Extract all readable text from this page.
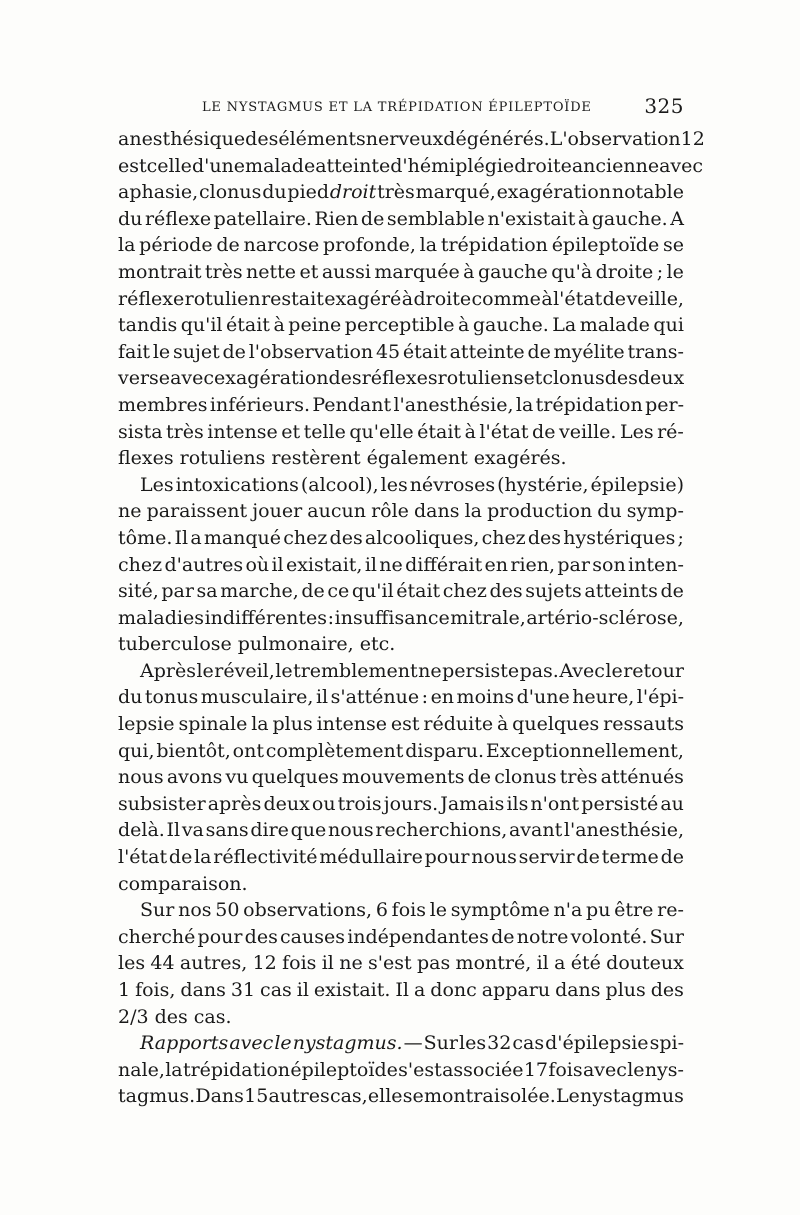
LE NYSTAGMUS ET LA TRÉPIDATION ÉPILEPTOÏDE	325
anesthésique des éléments nerveux dégénérés. L'observation 12
est celle d'une malade atteinte d'hémiplégie droite ancienne avec
aphasie, clonus du pied droit très marqué, exagération notable
du réflexe patellaire. Rien de semblable n'existait à gauche. A
la période de narcose profonde, la trépidation épileptoïde se
montrait très nette et aussi marquée à gauche qu'à droite ; le
réflexe rotulien restait exagéré à droite comme à l'état de veille,
tandis qu'il était à peine perceptible à gauche. La malade qui
fait le sujet de l'observation 45 était atteinte de myélite trans-
verse avec exagération des réflexes rotuliens et clonus des deux
membres inférieurs. Pendant l'anesthésie, la trépidation per-
sista très intense et telle qu'elle était à l'état de veille. Les ré-
flexes rotuliens restèrent également exagérés.
Les intoxications (alcool), les névroses (hystérie, épilepsie)
ne paraissent jouer aucun rôle dans la production du symp-
tôme. Il a manqué chez des alcooliques, chez des hystériques ;
chez d'autres où il existait, il ne différait en rien, par son inten-
sité, par sa marche, de ce qu'il était chez des sujets atteints de
maladies indifférentes : insuffisance mitrale, artério-sclérose,
tuberculose pulmonaire, etc.
Après le réveil, le tremblement ne persiste pas. Avec le retour
du tonus musculaire, il s'atténue : en moins d'une heure, l'épi-
lepsie spinale la plus intense est réduite à quelques ressauts
qui, bientôt, ont complètement disparu. Exceptionnellement,
nous avons vu quelques mouvements de clonus très atténués
subsister après deux ou trois jours. Jamais ils n'ont persisté au
delà. Il va sans dire que nous recherchions, avant l'anesthésie,
l'état de la réflectivité médullaire pour nous servir de terme de
comparaison.
Sur nos 50 observations, 6 fois le symptôme n'a pu être re-
cherché pour des causes indépendantes de notre volonté. Sur
les 44 autres, 12 fois il ne s'est pas montré, il a été douteux
1 fois, dans 31 cas il existait. Il a donc apparu dans plus des
2/3 des cas.
Rapports avec le nystagmus. — Sur les 32 cas d'épilepsie spi-
nale, la trépidation épileptoïde s'est associée 17 fois avec le nys-
tagmus. Dans 15 autres cas, elle se montra isolée. Le nystagmus
